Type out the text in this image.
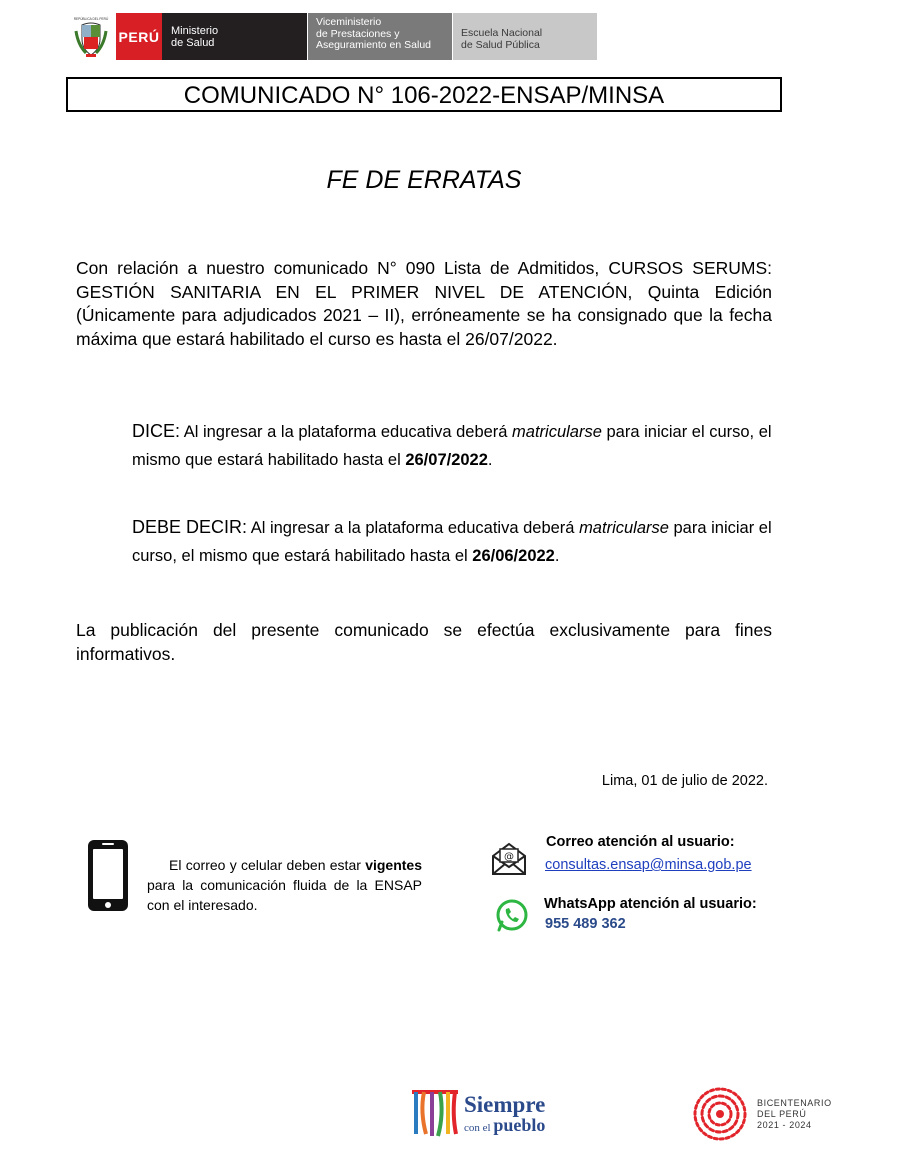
REPÚBLICA DEL PERÚ
PERÚ Ministerio
de Salud
Viceministerio
de Prestaciones y
Aseguramiento en Salud
Escuela Nacional
de Salud Pública
COMUNICADO N° 106-2022-ENSAP/MINSA
FE DE ERRATAS

Con relación a nuestro comunicado N° 090 Lista de Admitidos, CURSOS SERUMS: GESTIÓN SANITARIA EN EL PRIMER NIVEL DE ATENCIÓN, Quinta Edición (Únicamente para adjudicados 2021 – II), erróneamente se ha consignado que la fecha máxima que estará habilitado el curso es hasta el 26/07/2022.

DICE: Al ingresar a la plataforma educativa deberá matricularse para iniciar el curso, el mismo que estará habilitado hasta el 26/07/2022.

DEBE DECIR: Al ingresar a la plataforma educativa deberá matricularse para iniciar el curso, el mismo que estará habilitado hasta el 26/06/2022.

La publicación del presente comunicado se efectúa exclusivamente para fines informativos.

Lima, 01 de julio de 2022.

El correo y celular deben estar vigentes para la comunicación fluida de la ENSAP con el interesado.

@
Correo atención al usuario:
consultas.ensap@minsa.gob.pe
WhatsApp atención al usuario:
955 489 362
Siempre
con el pueblo
BICENTENARIO
DEL PERÚ
2021 - 2024
